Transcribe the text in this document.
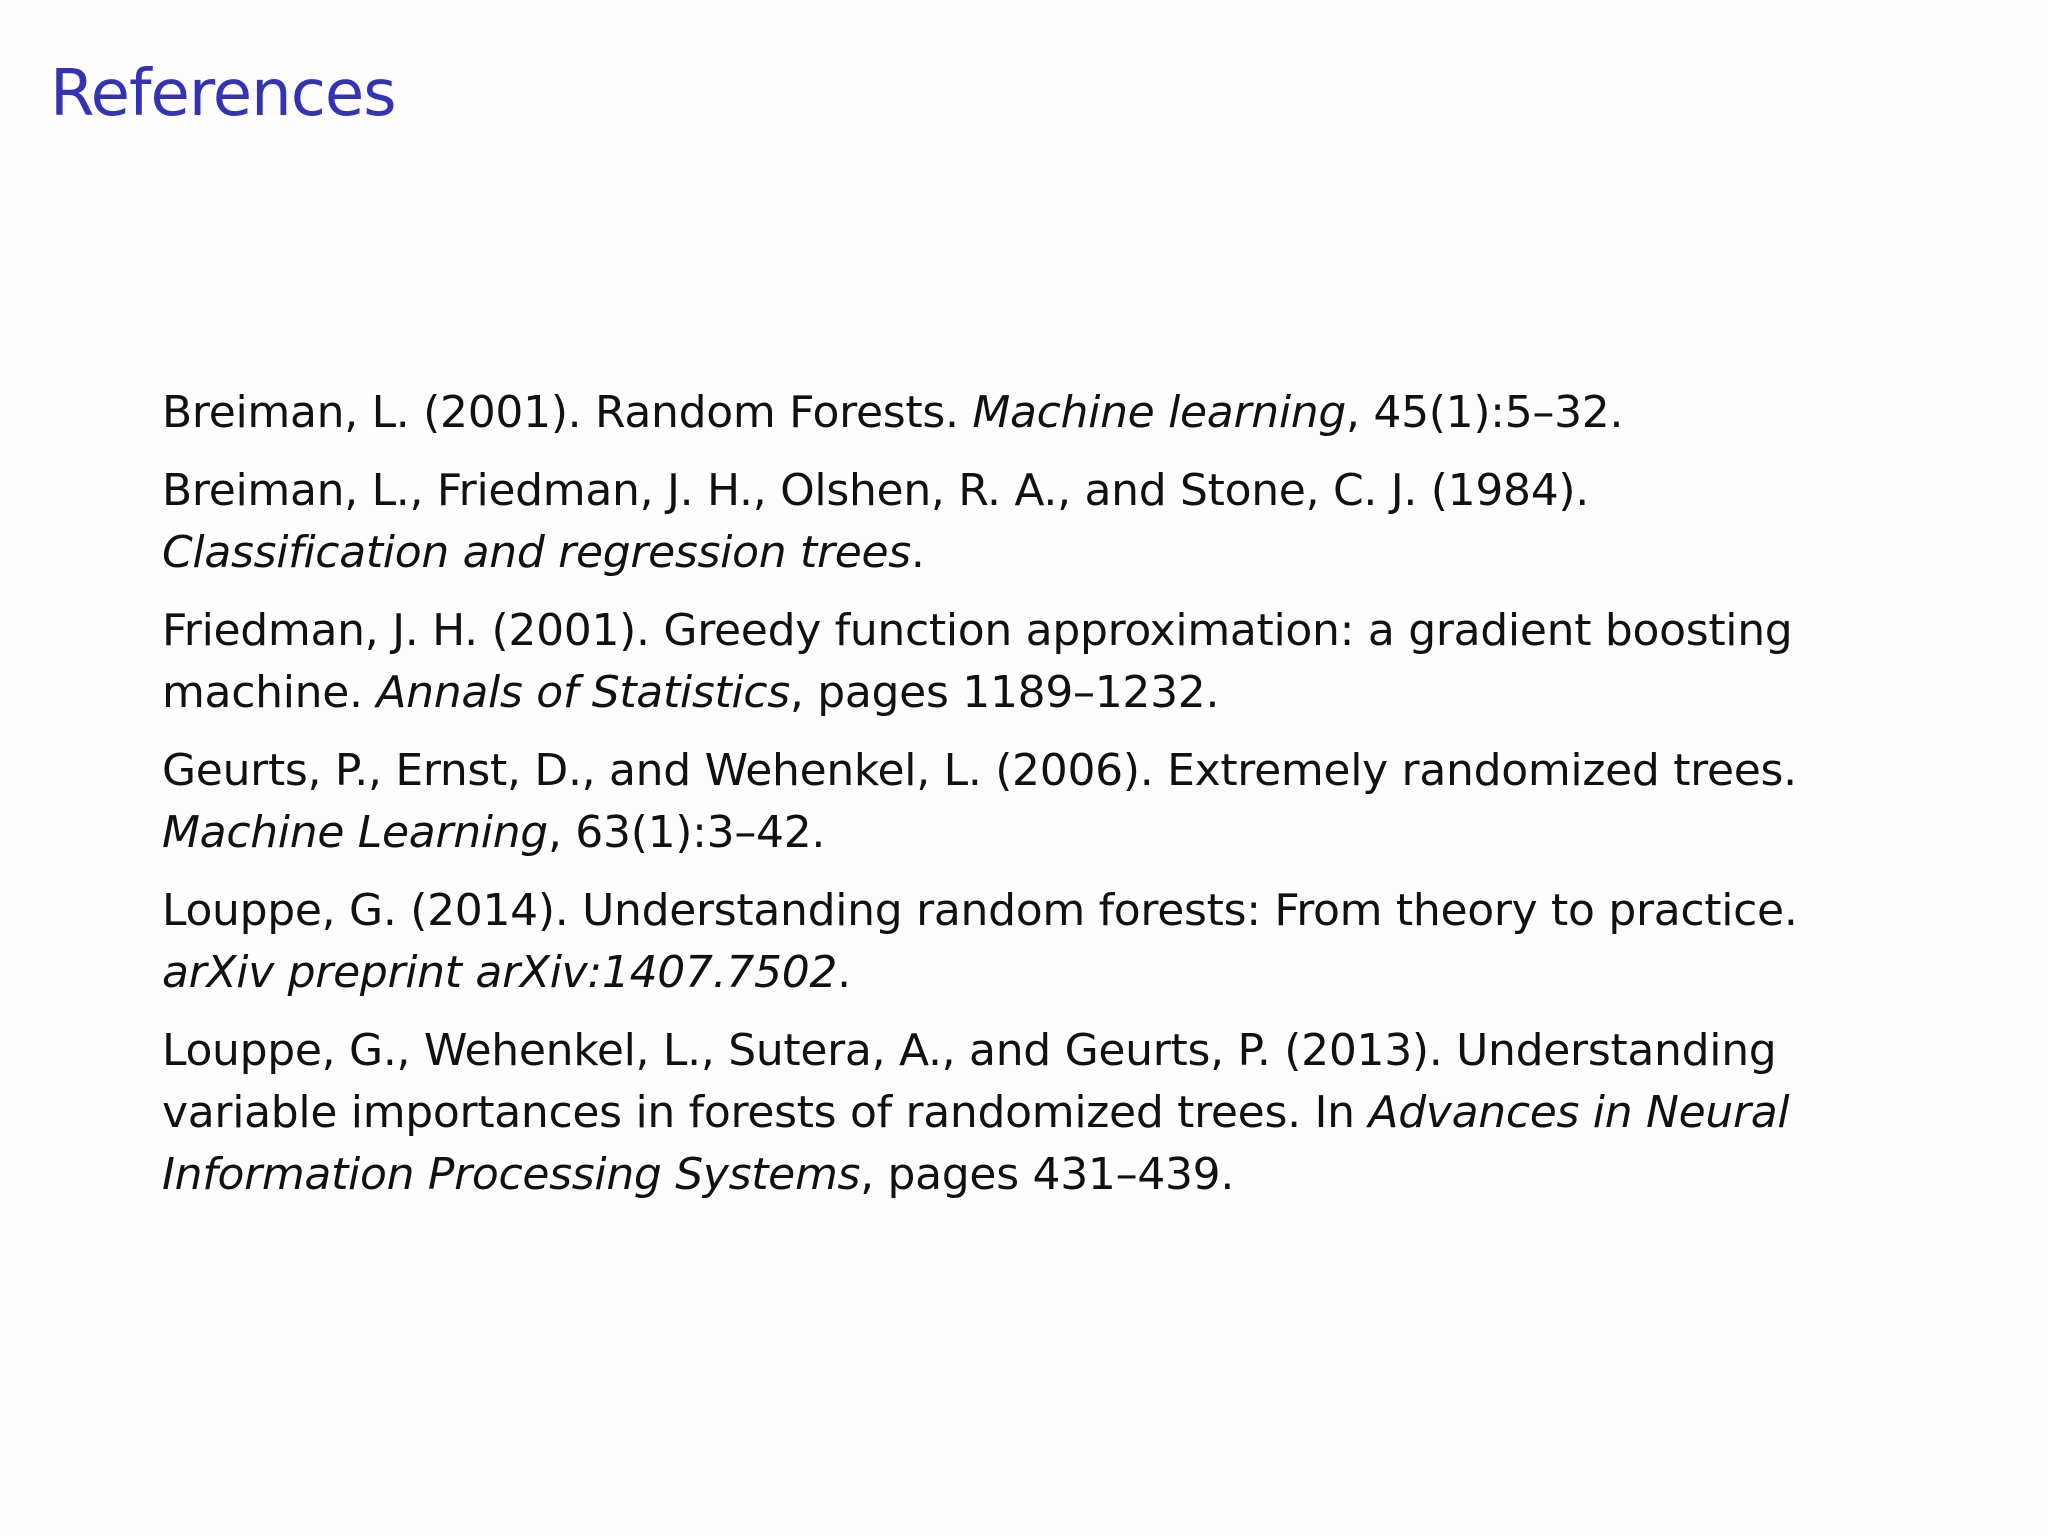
References
Breiman, L. (2001). Random Forests. Machine learning, 45(1):5–32.
Breiman, L., Friedman, J. H., Olshen, R. A., and Stone, C. J. (1984).
Classification and regression trees.
Friedman, J. H. (2001). Greedy function approximation: a gradient boosting
machine. Annals of Statistics, pages 1189–1232.
Geurts, P., Ernst, D., and Wehenkel, L. (2006). Extremely randomized trees.
Machine Learning, 63(1):3–42.
Louppe, G. (2014). Understanding random forests: From theory to practice.
arXiv preprint arXiv:1407.7502.
Louppe, G., Wehenkel, L., Sutera, A., and Geurts, P. (2013). Understanding
variable importances in forests of randomized trees. In Advances in Neural
Information Processing Systems, pages 431–439.
